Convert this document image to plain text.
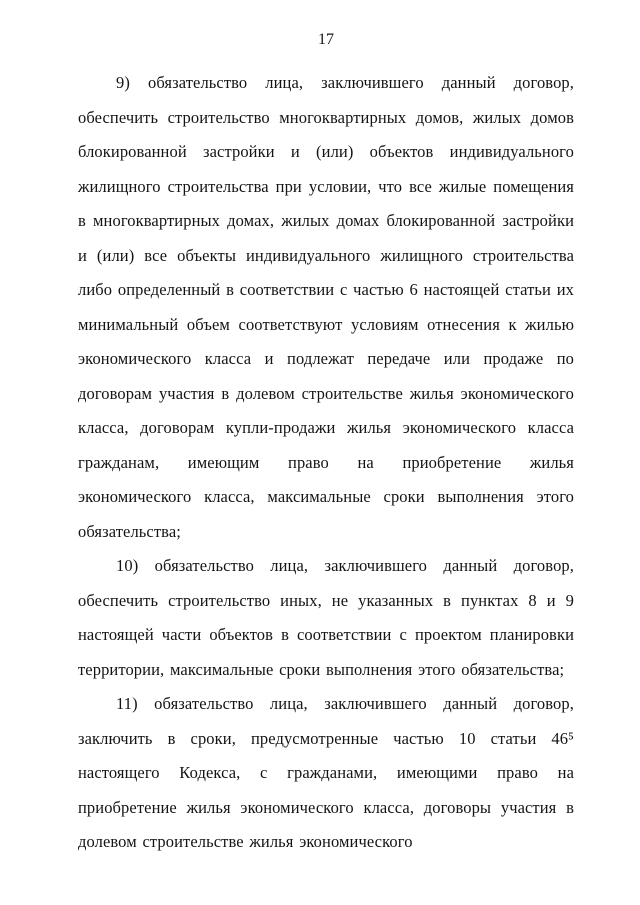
17

9) обязательство лица, заключившего данный договор, обеспечить строительство многоквартирных домов, жилых домов блокированной застройки и (или) объектов индивидуального жилищного строительства при условии, что все жилые помещения в многоквартирных домах, жилых домах блокированной застройки и (или) все объекты индивидуального жилищного строительства либо определенный в соответствии с частью 6 настоящей статьи их минимальный объем соответствуют условиям отнесения к жилью экономического класса и подлежат передаче или продаже по договорам участия в долевом строительстве жилья экономического класса, договорам купли-продажи жилья экономического класса гражданам, имеющим право на приобретение жилья экономического класса, максимальные сроки выполнения этого обязательства;

10) обязательство лица, заключившего данный договор, обеспечить строительство иных, не указанных в пунктах 8 и 9 настоящей части объектов в соответствии с проектом планировки территории, максимальные сроки выполнения этого обязательства;

11) обязательство лица, заключившего данный договор, заключить в сроки, предусмотренные частью 10 статьи 46⁵ настоящего Кодекса, с гражданами, имеющими право на приобретение жилья экономического класса, договоры участия в долевом строительстве жилья экономического
